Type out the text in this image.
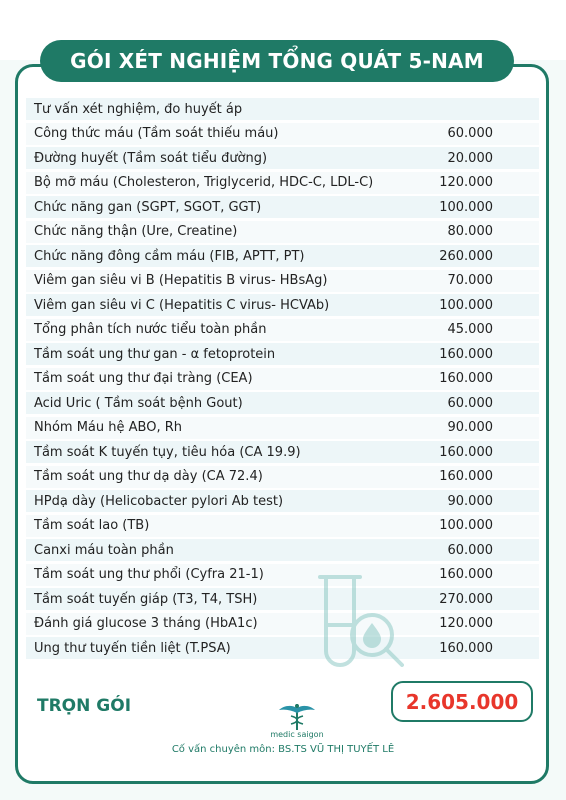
GÓI XÉT NGHIỆM TỔNG QUÁT 5-NAM
Tư vấn xét nghiệm, đo huyết áp
Công thức máu (Tầm soát thiếu máu)	60.000
Đường huyết (Tầm soát tiểu đường)	20.000
Bộ mỡ máu (Cholesteron, Triglycerid, HDC-C, LDL-C)	120.000
Chức năng gan (SGPT, SGOT, GGT)	100.000
Chức năng thận (Ure, Creatine)	80.000
Chức năng đông cầm máu (FIB, APTT, PT)	260.000
Viêm gan siêu vi B (Hepatitis B virus- HBsAg)	70.000
Viêm gan siêu vi C (Hepatitis C virus- HCVAb)	100.000
Tổng phân tích nước tiểu toàn phần	45.000
Tầm soát ung thư gan - α fetoprotein	160.000
Tầm soát ung thư đại tràng (CEA)	160.000
Acid Uric ( Tầm soát bệnh Gout)	60.000
Nhóm Máu hệ ABO, Rh	90.000
Tầm soát K tuyến tụy, tiêu hóa (CA 19.9)	160.000
Tầm soát ung thư dạ dày (CA 72.4)	160.000
HPdạ dày (Helicobacter pylori Ab test)	90.000
Tầm soát lao (TB)	100.000
Canxi máu toàn phần	60.000
Tầm soát ung thư phổi (Cyfra 21-1)	160.000
Tầm soát tuyến giáp (T3, T4, TSH)	270.000
Đánh giá glucose 3 tháng (HbA1c)	120.000
Ung thư tuyến tiền liệt (T.PSA)	160.000
TRỌN GÓI	2.605.000
medic saigon
Cố vấn chuyên môn: BS.TS VŨ THỊ TUYẾT LÊ
